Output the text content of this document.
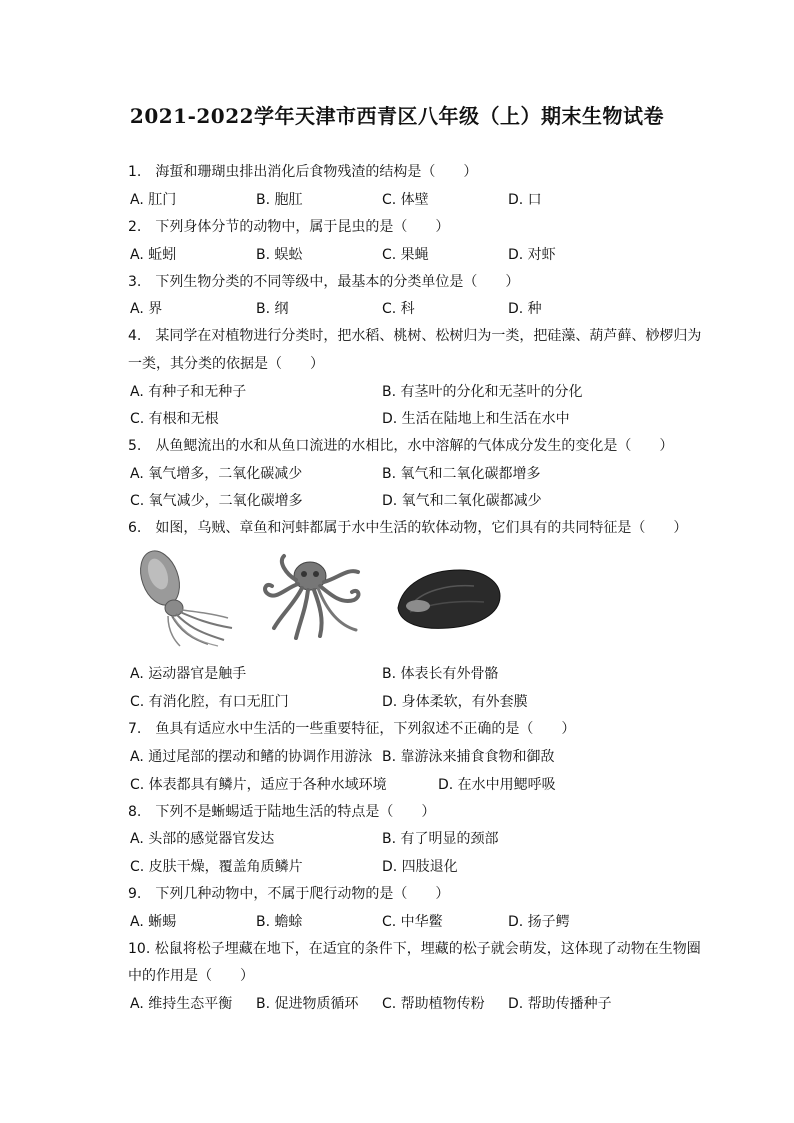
2021-2022学年天津市西青区八年级（上）期末生物试卷
1.　海蜇和珊瑚虫排出消化后食物残渣的结构是（　　）
A. 肛门	B. 胞肛	C. 体壁	D. 口
2.　下列身体分节的动物中，属于昆虫的是（　　）
A. 蚯蚓	B. 蜈蚣	C. 果蝇	D. 对虾
3.　下列生物分类的不同等级中，最基本的分类单位是（　　）
A. 界	B. 纲	C. 科	D. 种
4.　某同学在对植物进行分类时，把水稻、桃树、松树归为一类，把硅藻、葫芦藓、桫椤归为
一类，其分类的依据是（　　）
A. 有种子和无种子	B. 有茎叶的分化和无茎叶的分化
C. 有根和无根	D. 生活在陆地上和生活在水中
5.　从鱼鳃流出的水和从鱼口流进的水相比，水中溶解的气体成分发生的变化是（　　）
A. 氧气增多，二氧化碳减少	B. 氧气和二氧化碳都增多
C. 氧气减少，二氧化碳增多	D. 氧气和二氧化碳都减少
6.　如图，乌贼、章鱼和河蚌都属于水中生活的软体动物，它们具有的共同特征是（　　）
A. 运动器官是触手	B. 体表长有外骨骼
C. 有消化腔，有口无肛门	D. 身体柔软，有外套膜
7.　鱼具有适应水中生活的一些重要特征，下列叙述不正确的是（　　）
A. 通过尾部的摆动和鳍的协调作用游泳 B. 靠游泳来捕食食物和御敌
C. 体表都具有鳞片，适应于各种水域环境	D. 在水中用鳃呼吸
8.　下列不是蜥蜴适于陆地生活的特点是（　　）
A. 头部的感觉器官发达	B. 有了明显的颈部
C. 皮肤干燥，覆盖角质鳞片	D. 四肢退化
9.　下列几种动物中，不属于爬行动物的是（　　）
A. 蜥蜴	B. 蟾蜍	C. 中华鳖	D. 扬子鳄
10. 松鼠将松子埋藏在地下，在适宜的条件下，埋藏的松子就会萌发，这体现了动物在生物圈
中的作用是（　　）
A. 维持生态平衡 B. 促进物质循环 C. 帮助植物传粉 D. 帮助传播种子
